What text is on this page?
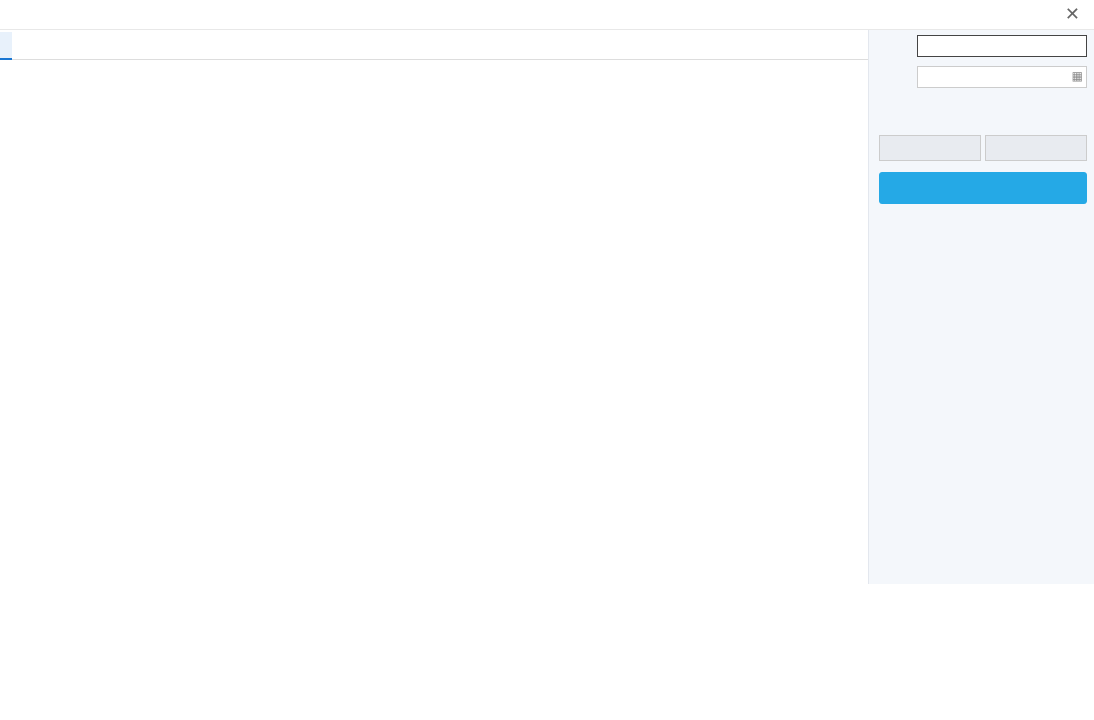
✕
▦
